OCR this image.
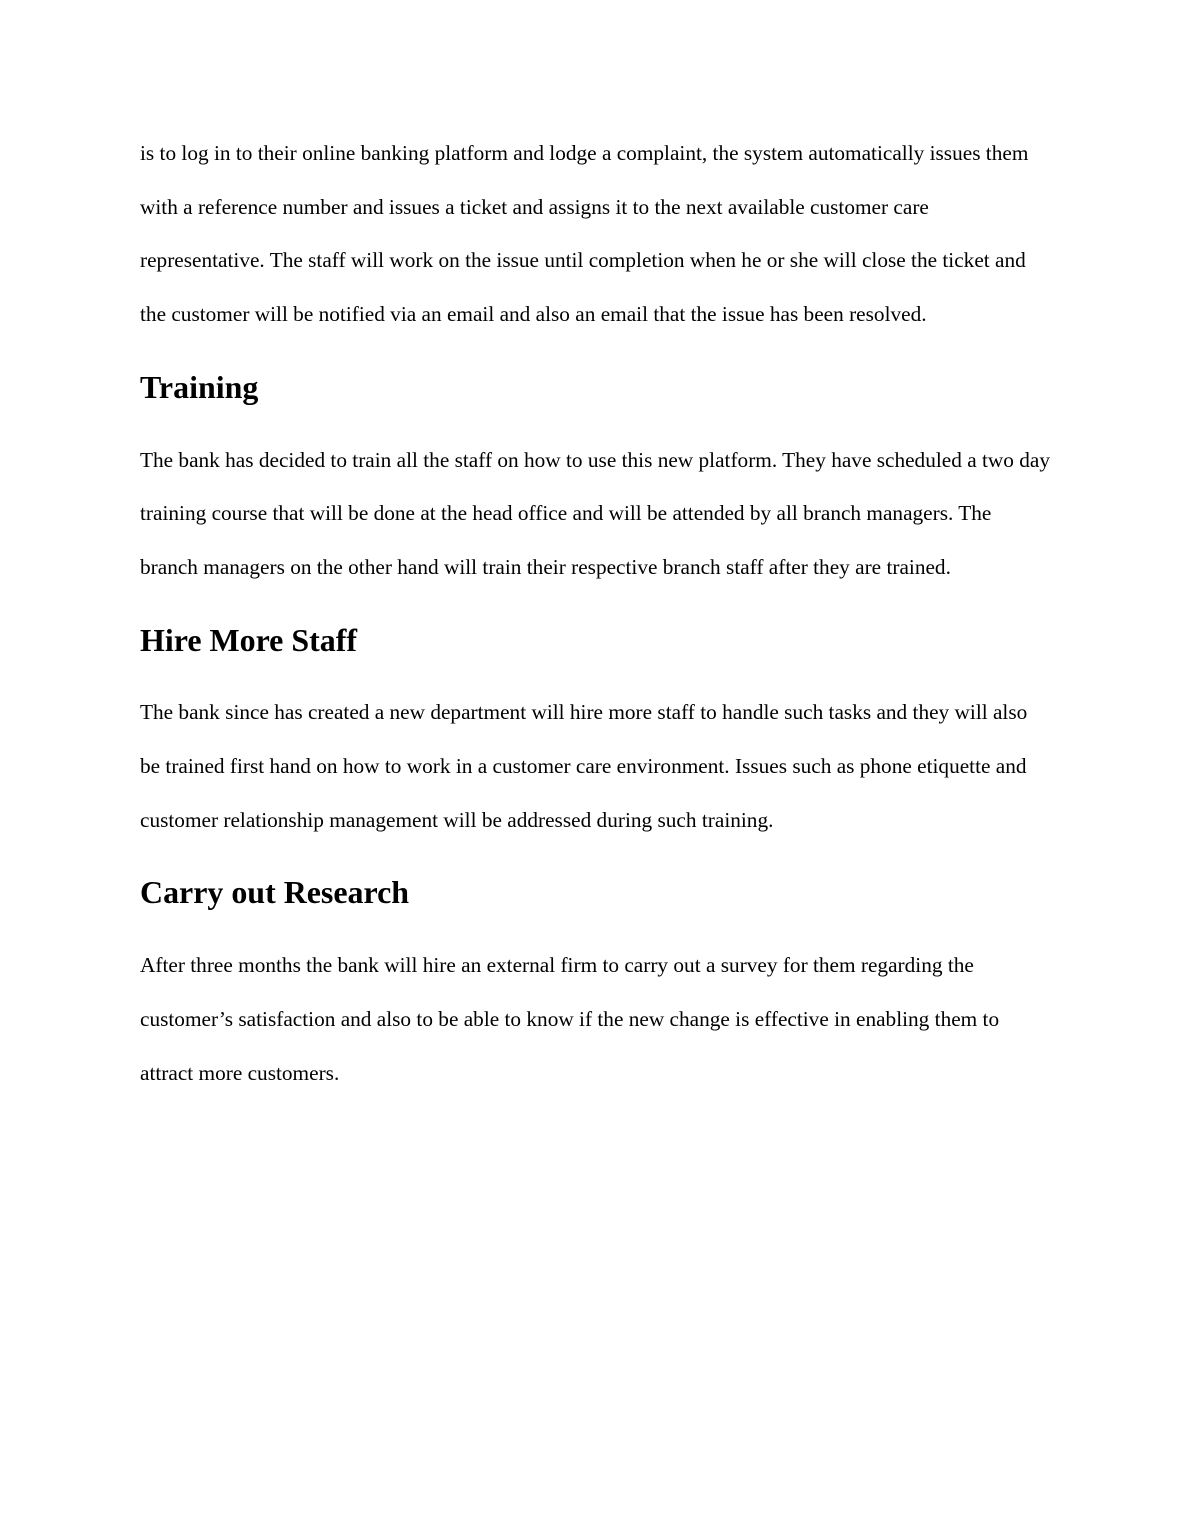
is to log in to their online banking platform and lodge a complaint, the system automatically issues them with a reference number and issues a ticket and assigns it to the next available customer care representative. The staff will work on the issue until completion when he or she will close the ticket and the customer will be notified via an email and also an email that the issue has been resolved.

Training

The bank has decided to train all the staff on how to use this new platform. They have scheduled a two day training course that will be done at the head office and will be attended by all branch managers. The branch managers on the other hand will train their respective branch staff after they are trained.

Hire More Staff

The bank since has created a new department will hire more staff to handle such tasks and they will also be trained first hand on how to work in a customer care environment. Issues such as phone etiquette and customer relationship management will be addressed during such training.

Carry out Research

After three months the bank will hire an external firm to carry out a survey for them regarding the customer’s satisfaction and also to be able to know if the new change is effective in enabling them to attract more customers.
